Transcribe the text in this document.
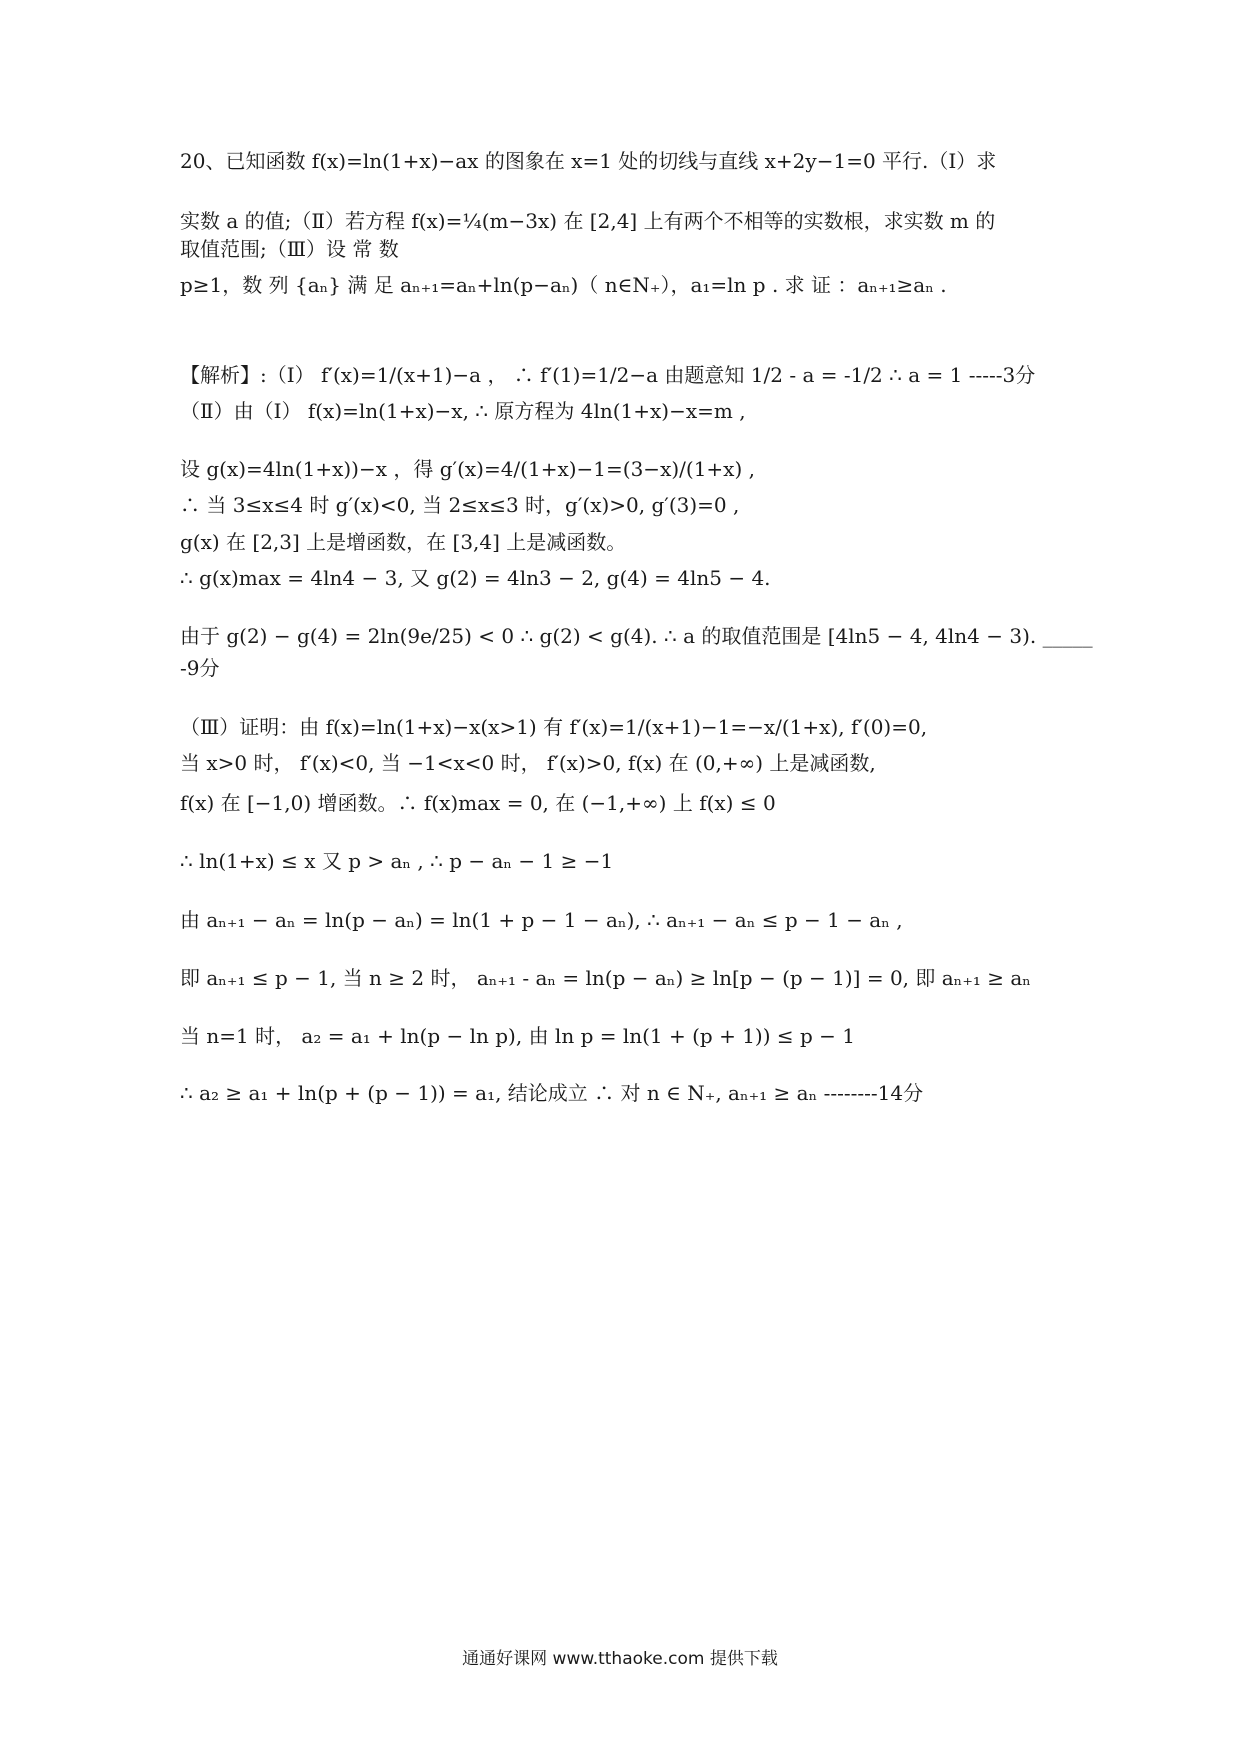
20、已知函数 f(x)=ln(1+x)−ax 的图象在 x=1 处的切线与直线 x+2y−1=0 平行.（Ⅰ）求
实数 a 的值;（Ⅱ）若方程 f(x)=¼(m−3x) 在 [2,4] 上有两个不相等的实数根，求实数 m 的
取值范围;（Ⅲ）设 常 数
p≥1，数 列 {aₙ} 满 足 aₙ₊₁=aₙ+ln(p−aₙ)（ n∈N₊），a₁=ln p . 求 证 ：aₙ₊₁≥aₙ .
【解析】:（Ⅰ） f′(x)=1/(x+1)−a ， ∴ f′(1)=1/2−a 由题意知 1/2 - a = -1/2 ∴ a = 1 -----3分
（Ⅱ）由（Ⅰ） f(x)=ln(1+x)−x, ∴ 原方程为 4ln(1+x)−x=m ,
设 g(x)=4ln(1+x))−x ，得 g′(x)=4/(1+x)−1=(3−x)/(1+x) ,
∴ 当 3≤x≤4 时 g′(x)<0, 当 2≤x≤3 时，g′(x)>0, g′(3)=0 ,
g(x) 在 [2,3] 上是增函数，在 [3,4] 上是减函数。
∴ g(x)max = 4ln4 − 3, 又 g(2) = 4ln3 − 2, g(4) = 4ln5 − 4.
由于 g(2) − g(4) = 2ln(9e/25) < 0 ∴ g(2) < g(4). ∴ a 的取值范围是 [4ln5 − 4, 4ln4 − 3). _____
-9分
（Ⅲ）证明：由 f(x)=ln(1+x)−x(x>1) 有 f′(x)=1/(x+1)−1=−x/(1+x), f′(0)=0,
当 x>0 时， f′(x)<0, 当 −1<x<0 时， f′(x)>0, f(x) 在 (0,+∞) 上是减函数,
f(x) 在 [−1,0) 增函数。∴ f(x)max = 0, 在 (−1,+∞) 上 f(x) ≤ 0
∴ ln(1+x) ≤ x 又 p > aₙ , ∴ p − aₙ − 1 ≥ −1
由 aₙ₊₁ − aₙ = ln(p − aₙ) = ln(1 + p − 1 − aₙ), ∴ aₙ₊₁ − aₙ ≤ p − 1 − aₙ ,
即 aₙ₊₁ ≤ p − 1, 当 n ≥ 2 时， aₙ₊₁ - aₙ = ln(p − aₙ) ≥ ln[p − (p − 1)] = 0, 即 aₙ₊₁ ≥ aₙ
当 n=1 时， a₂ = a₁ + ln(p − ln p), 由 ln p = ln(1 + (p + 1)) ≤ p − 1
∴ a₂ ≥ a₁ + ln(p + (p − 1)) = a₁, 结论成立 ∴ 对 n ∈ N₊, aₙ₊₁ ≥ aₙ --------14分
通通好课网 www.tthaoke.com 提供下载
